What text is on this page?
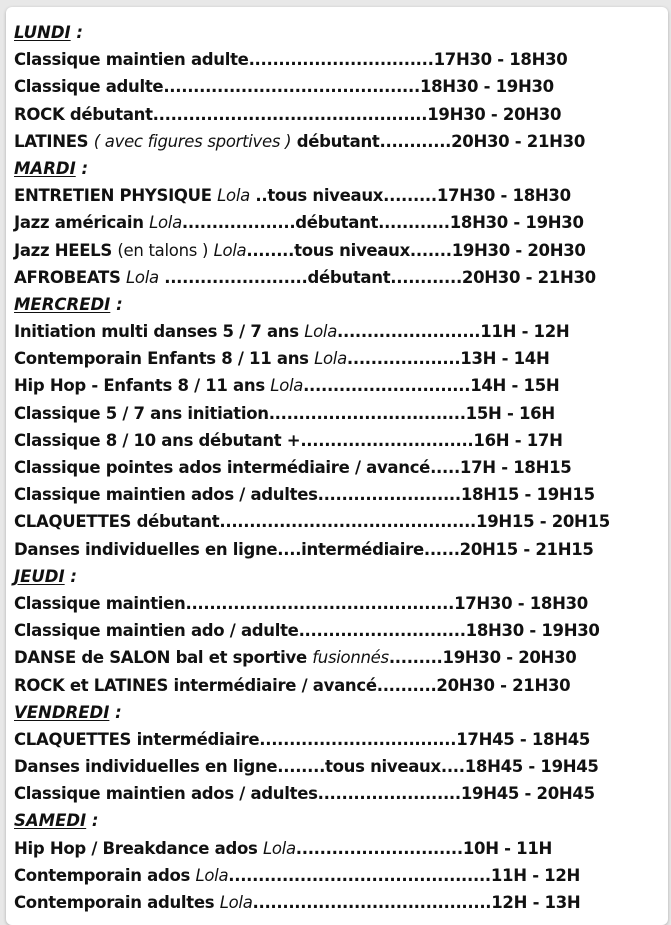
LUNDI :
Classique maintien adulte...............................17H30 - 18H30
Classique adulte...........................................18H30 - 19H30
ROCK débutant..............................................19H30 - 20H30
LATINES ( avec figures sportives ) débutant............20H30 - 21H30
MARDI :
ENTRETIEN PHYSIQUE Lola ..tous niveaux.........17H30 - 18H30
Jazz américain Lola...................débutant............18H30 - 19H30
Jazz HEELS (en talons ) Lola........tous niveaux.......19H30 - 20H30
AFROBEATS Lola ........................débutant............20H30 - 21H30
MERCREDI :
Initiation multi danses 5 / 7 ans Lola........................11H - 12H
Contemporain Enfants 8 / 11 ans Lola...................13H - 14H
Hip Hop - Enfants 8 / 11 ans Lola............................14H - 15H
Classique 5 / 7 ans initiation.................................15H - 16H
Classique 8 / 10 ans débutant +.............................16H - 17H
Classique pointes ados intermédiaire / avancé.....17H - 18H15
Classique maintien ados / adultes........................18H15 - 19H15
CLAQUETTES débutant...........................................19H15 - 20H15
Danses individuelles en ligne....intermédiaire......20H15 - 21H15
JEUDI :
Classique maintien.............................................17H30 - 18H30
Classique maintien ado / adulte............................18H30 - 19H30
DANSE de SALON bal et sportive fusionnés.........19H30 - 20H30
ROCK et LATINES intermédiaire / avancé..........20H30 - 21H30
VENDREDI :
CLAQUETTES intermédiaire.................................17H45 - 18H45
Danses individuelles en ligne........tous niveaux....18H45 - 19H45
Classique maintien ados / adultes........................19H45 - 20H45
SAMEDI :
Hip Hop / Breakdance ados Lola............................10H - 11H
Contemporain ados Lola............................................11H - 12H
Contemporain adultes Lola........................................12H - 13H
